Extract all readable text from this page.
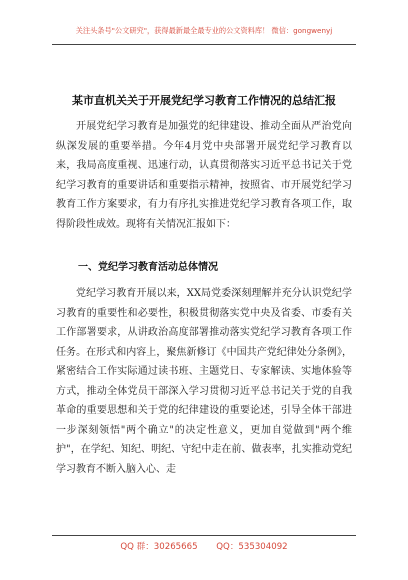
关注头条号"公文研究"，获得最新最全最专业的公文资料库！ 微信：gongwenyj
某市直机关关于开展党纪学习教育工作情况的总结汇报

开展党纪学习教育是加强党的纪律建设、推动全面从严治党向纵深发展的重要举措。今年4月党中央部署开展党纪学习教育以来，我局高度重视、迅速行动，认真贯彻落实习近平总书记关于党纪学习教育的重要讲话和重要指示精神，按照省、市开展党纪学习教育工作方案要求，有力有序扎实推进党纪学习教育各项工作，取得阶段性成效。现将有关情况汇报如下：

一、党纪学习教育活动总体情况

党纪学习教育开展以来，XX局党委深刻理解并充分认识党纪学习教育的重要性和必要性，积极贯彻落实党中央及省委、市委有关工作部署要求，从讲政治高度部署推动落实党纪学习教育各项工作任务。在形式和内容上，聚焦新修订《中国共产党纪律处分条例》，紧密结合工作实际通过读书班、主题党日、专家解读、实地体验等方式，推动全体党员干部深入学习贯彻习近平总书记关于党的自我革命的重要思想和关于党的纪律建设的重要论述，引导全体干部进一步深刻领悟"两个确立"的决定性意义，更加自觉做到"两个维护"，在学纪、知纪、明纪、守纪中走在前、做表率，扎实推动党纪学习教育不断入脑入心、走

QQ 群：30265665 QQ：535304092
